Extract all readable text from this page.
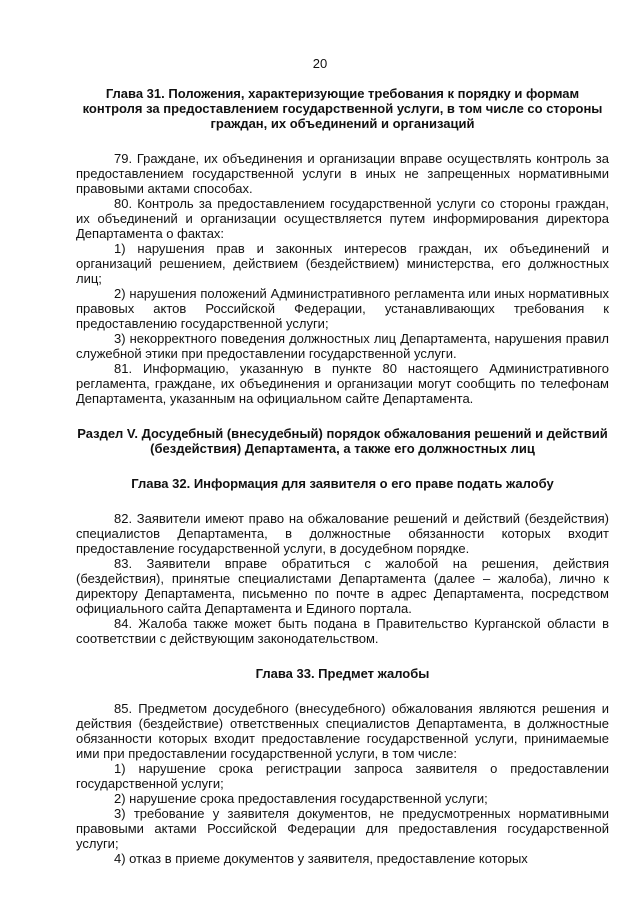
20
Глава 31. Положения, характеризующие требования к порядку и формам контроля за предоставлением государственной услуги, в том числе со стороны граждан, их объединений и организаций

79. Граждане, их объединения и организации вправе осуществлять контроль за предоставлением государственной услуги в иных не запрещенных нормативными правовыми актами способах.

80. Контроль за предоставлением государственной услуги со стороны граждан, их объединений и организации осуществляется путем информирования директора Департамента о фактах:

1) нарушения прав и законных интересов граждан, их объединений и организаций решением, действием (бездействием) министерства, его должностных лиц;

2) нарушения положений Административного регламента или иных нормативных правовых актов Российской Федерации, устанавливающих требования к предоставлению государственной услуги;

3) некорректного поведения должностных лиц Департамента, нарушения правил служебной этики при предоставлении государственной услуги.

81. Информацию, указанную в пункте 80 настоящего Административного регламента, граждане, их объединения и организации могут сообщить по телефонам Департамента, указанным на официальном сайте Департамента.

Раздел V. Досудебный (внесудебный) порядок обжалования решений и действий (бездействия) Департамента, а также его должностных лиц
Глава 32. Информация для заявителя о его праве подать жалобу

82. Заявители имеют право на обжалование решений и действий (бездействия) специалистов Департамента, в должностные обязанности которых входит предоставление государственной услуги, в досудебном порядке.

83. Заявители вправе обратиться с жалобой на решения, действия (бездействия), принятые специалистами Департамента (далее – жалоба), лично к директору Департамента, письменно по почте в адрес Департамента, посредством официального сайта Департамента и Единого портала.

84. Жалоба также может быть подана в Правительство Курганской области в соответствии с действующим законодательством.

Глава 33. Предмет жалобы

85. Предметом досудебного (внесудебного) обжалования являются решения и действия (бездействие) ответственных специалистов Департамента, в должностные обязанности которых входит предоставление государственной услуги, принимаемые ими при предоставлении государственной услуги, в том числе:

1) нарушение срока регистрации запроса заявителя о предоставлении государственной услуги;

2) нарушение срока предоставления государственной услуги;

3) требование у заявителя документов, не предусмотренных нормативными правовыми актами Российской Федерации для предоставления государственной услуги;

4) отказ в приеме документов у заявителя, предоставление которых
